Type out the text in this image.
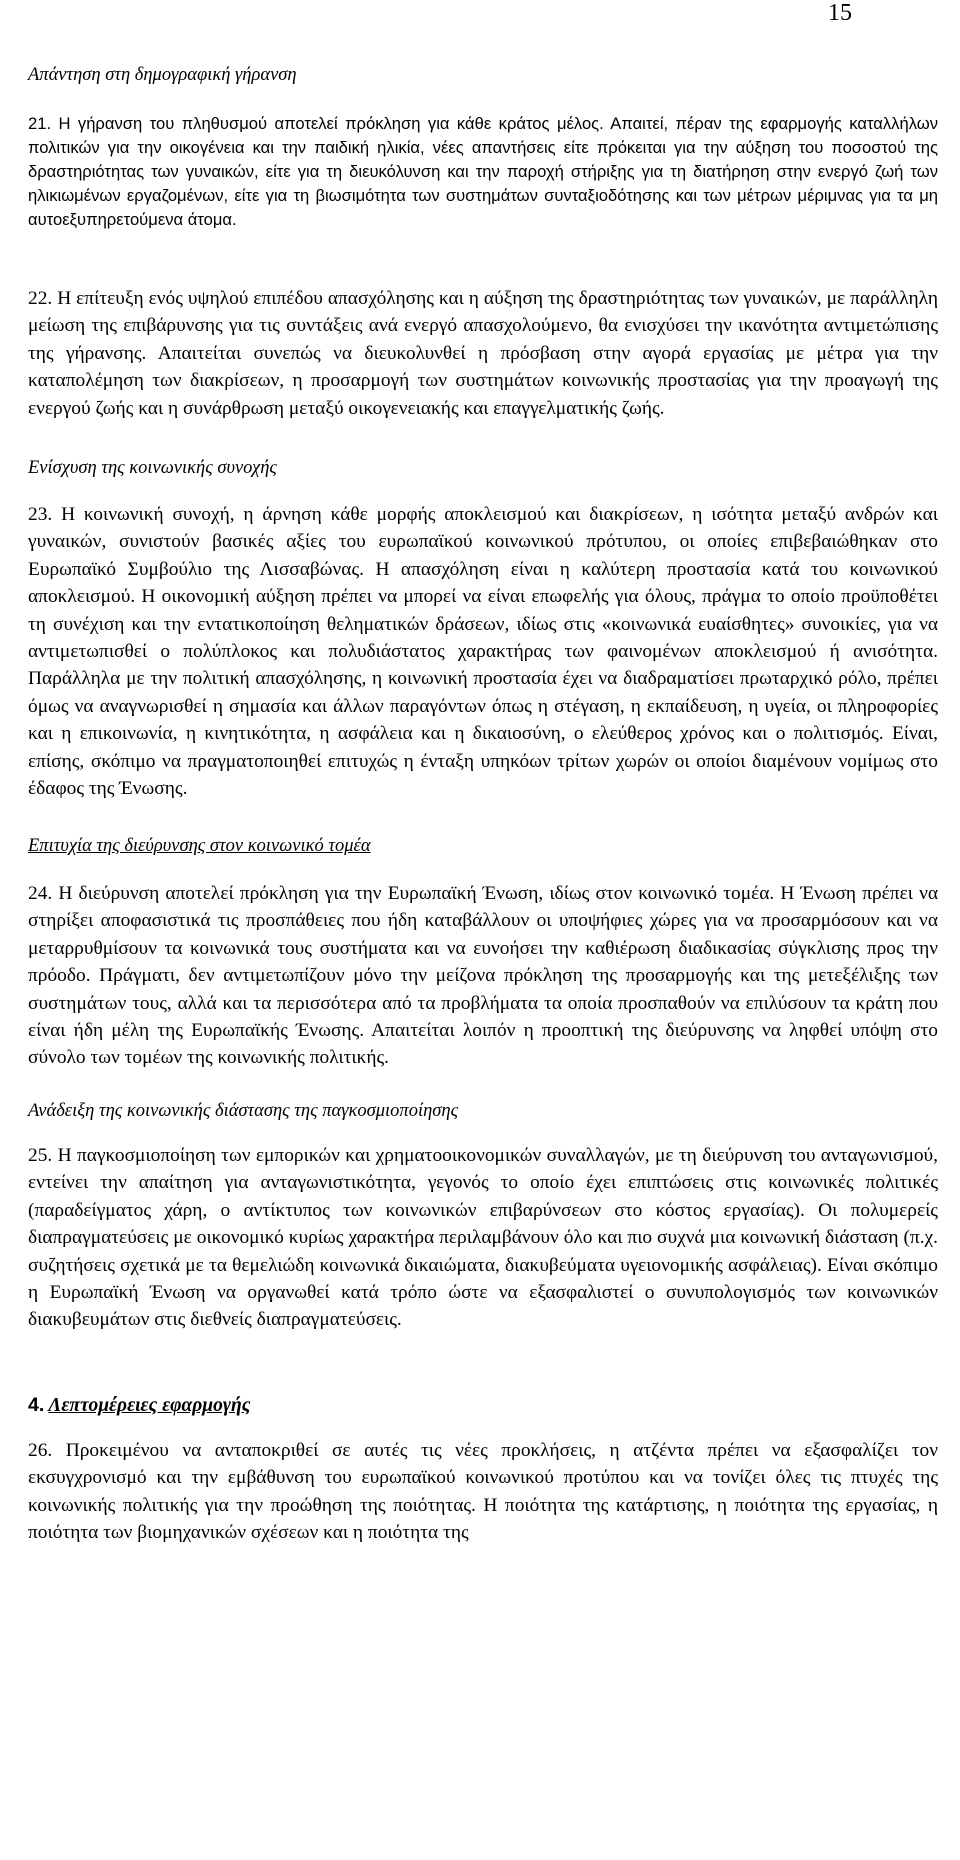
15

Απάντηση στη δημογραφική γήρανση

21. Η γήρανση του πληθυσμού αποτελεί πρόκληση για κάθε κράτος μέλος. Απαιτεί, πέραν της εφαρμογής καταλλήλων πολιτικών για την οικογένεια και την παιδική ηλικία, νέες απαντήσεις είτε πρόκειται για την αύξηση του ποσοστού της δραστηριότητας των γυναικών, είτε για τη διευκόλυνση και την παροχή στήριξης για τη διατήρηση στην ενεργό ζωή των ηλικιωμένων εργαζομένων, είτε για τη βιωσιμότητα των συστημάτων συνταξιοδότησης και των μέτρων μέριμνας για τα μη αυτοεξυπηρετούμενα άτομα.

22. Η επίτευξη ενός υψηλού επιπέδου απασχόλησης και η αύξηση της δραστηριότητας των γυναικών, με παράλληλη μείωση της επιβάρυνσης για τις συντάξεις ανά ενεργό απασχολούμενο, θα ενισχύσει την ικανότητα αντιμετώπισης της γήρανσης. Απαιτείται συνεπώς να διευκολυνθεί η πρόσβαση στην αγορά εργασίας με μέτρα για την καταπολέμηση των διακρίσεων, η προσαρμογή των συστημάτων κοινωνικής προστασίας για την προαγωγή της ενεργού ζωής και η συνάρθρωση μεταξύ οικογενειακής και επαγγελματικής ζωής.

Ενίσχυση της κοινωνικής συνοχής

23. Η κοινωνική συνοχή, η άρνηση κάθε μορφής αποκλεισμού και διακρίσεων, η ισότητα μεταξύ ανδρών και γυναικών, συνιστούν βασικές αξίες του ευρωπαϊκού κοινωνικού πρότυπου, οι οποίες επιβεβαιώθηκαν στο Ευρωπαϊκό Συμβούλιο της Λισσαβώνας. Η απασχόληση είναι η καλύτερη προστασία κατά του κοινωνικού αποκλεισμού. Η οικονομική αύξηση πρέπει να μπορεί να είναι επωφελής για όλους, πράγμα το οποίο προϋποθέτει τη συνέχιση και την εντατικοποίηση θεληματικών δράσεων, ιδίως στις «κοινωνικά ευαίσθητες» συνοικίες, για να αντιμετωπισθεί ο πολύπλοκος και πολυδιάστατος χαρακτήρας των φαινομένων αποκλεισμού ή ανισότητα. Παράλληλα με την πολιτική απασχόλησης, η κοινωνική προστασία έχει να διαδραματίσει πρωταρχικό ρόλο, πρέπει όμως να αναγνωρισθεί η σημασία και άλλων παραγόντων όπως η στέγαση, η εκπαίδευση, η υγεία, οι πληροφορίες και η επικοινωνία, η κινητικότητα, η ασφάλεια και η δικαιοσύνη, ο ελεύθερος χρόνος και ο πολιτισμός. Είναι, επίσης, σκόπιμο να πραγματοποιηθεί επιτυχώς η ένταξη υπηκόων τρίτων χωρών οι οποίοι διαμένουν νομίμως στο έδαφος της Ένωσης.

Επιτυχία της διεύρυνσης στον κοινωνικό τομέα

24. Η διεύρυνση αποτελεί πρόκληση για την Ευρωπαϊκή Ένωση, ιδίως στον κοινωνικό τομέα. Η Ένωση πρέπει να στηρίξει αποφασιστικά τις προσπάθειες που ήδη καταβάλλουν οι υποψήφιες χώρες για να προσαρμόσουν και να μεταρρυθμίσουν τα κοινωνικά τους συστήματα και να ευνοήσει την καθιέρωση διαδικασίας σύγκλισης προς την πρόοδο. Πράγματι, δεν αντιμετωπίζουν μόνο την μείζονα πρόκληση της προσαρμογής και της μετεξέλιξης των συστημάτων τους, αλλά και τα περισσότερα από τα προβλήματα τα οποία προσπαθούν να επιλύσουν τα κράτη που είναι ήδη μέλη της Ευρωπαϊκής Ένωσης. Απαιτείται λοιπόν η προοπτική της διεύρυνσης να ληφθεί υπόψη στο σύνολο των τομέων της κοινωνικής πολιτικής.

Ανάδειξη της κοινωνικής διάστασης της παγκοσμιοποίησης

25. Η παγκοσμιοποίηση των εμπορικών και χρηματοοικονομικών συναλλαγών, με τη διεύρυνση του ανταγωνισμού, εντείνει την απαίτηση για ανταγωνιστικότητα, γεγονός το οποίο έχει επιπτώσεις στις κοινωνικές πολιτικές (παραδείγματος χάρη, ο αντίκτυπος των κοινωνικών επιβαρύνσεων στο κόστος εργασίας). Οι πολυμερείς διαπραγματεύσεις με οικονομικό κυρίως χαρακτήρα περιλαμβάνουν όλο και πιο συχνά μια κοινωνική διάσταση (π.χ. συζητήσεις σχετικά με τα θεμελιώδη κοινωνικά δικαιώματα, διακυβεύματα υγειονομικής ασφάλειας). Είναι σκόπιμο η Ευρωπαϊκή Ένωση να οργανωθεί κατά τρόπο ώστε να εξασφαλιστεί ο συνυπολογισμός των κοινωνικών διακυβευμάτων στις διεθνείς διαπραγματεύσεις.

4. Λεπτομέρειες εφαρμογής

26. Προκειμένου να ανταποκριθεί σε αυτές τις νέες προκλήσεις, η ατζέντα πρέπει να εξασφαλίζει τον εκσυγχρονισμό και την εμβάθυνση του ευρωπαϊκού κοινωνικού προτύπου και να τονίζει όλες τις πτυχές της κοινωνικής πολιτικής για την προώθηση της ποιότητας. Η ποιότητα της κατάρτισης, η ποιότητα της εργασίας, η ποιότητα των βιομηχανικών σχέσεων και η ποιότητα της
